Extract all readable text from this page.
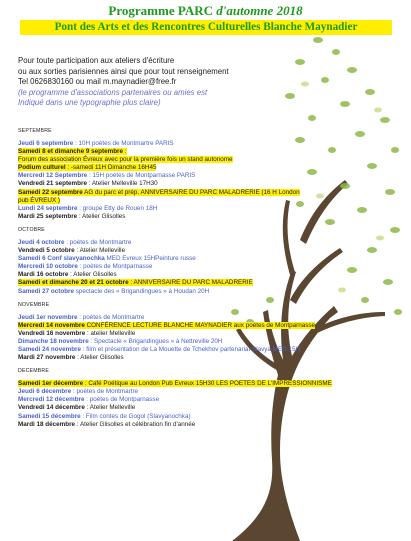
Programme PARC d'automne 2018
Pont des Arts et des Rencontres Culturelles Blanche Maynadier
Pour toute participation aux ateliers d'écriture
ou aux sorties parisiennes ainsi que pour tout renseignement
Tel 0626830160 ou mail m.maynadier@free.fr
(le programme d'associations partenaires ou amies est
Indiqué dans une typographie plus claire)
SEPTEMBRE
Jeudi 6 septembre : 10H poètes de Montmartre PARIS
Samedi 8 et dimanche 9 septembre :
Forum des association Évreux avec pour la première fois un stand autonome
Podium culturel : -samedi 11H Dimanche 16H45
Mercredi 12 Septembre : 15H poètes de Montparnasse PARIS
Vendredi 21 septembre : Atelier Melleville 17H30
Samedi 22 septembre AG du parc et prép. ANNIVERSAIRE DU PARC MALADRERIE (16 H London
pub ÉVREUX )
Lundi 24 septembre : groupe Etty de Rouen 18H
Mardi 25 septembre : Atelier Glisolles
OCTOBRE
Jeudi 4 octobre : poètes de Montmartre
Vendredi 5 octobre : Atelier Melleville
Samedi 6 Conf slavyanochka MED Evreux 15HPeinture russe
Mercredi 10 octobre : poètes de Montparnasse
Mardi 16 octobre : Atelier Glisolles
Samedi et dimanche 20 et 21 octobre : ANNIVERSAIRE DU PARC MALADRERIE
Samedi 27 octobre spectacle des « Brigandingues » à Houdan 20H
NOVEMBRE
Jeudi 1er novembre : poètes de Montmartre
Mercredi 14 novembre CONFÉRENCE LECTURE BLANCHE MAYNADIER aux poètes de Montparnasse
Vendredi 16 novembre : atelier Melleville
Dimanche 18 novembre : Spectacle « Brigandingues » à Nettreville 20H
Samedi 24 novembre : film et présentation de La Mouette de Tchekhov partenariat Slavya MED 15H
Mardi 27 novembre : Atelier Glisolles
DECEMBRE
Samedi 1er décembre : Café Poétique au London Pub Evreux 15H30 LES POETES DE L'IMPRESSIONNISME
Jeudi 6 décembre : poètes de Montmartre
Mercredi 12 décembre : poètes de Montparnasse
Vendredi 14 décembre : Atelier Melleville
Samedi 15 décembre : Film contes de Gogol (Slavyanochka)
Mardi 18 décembre : Atelier Glisolles et célébration fin d'année
